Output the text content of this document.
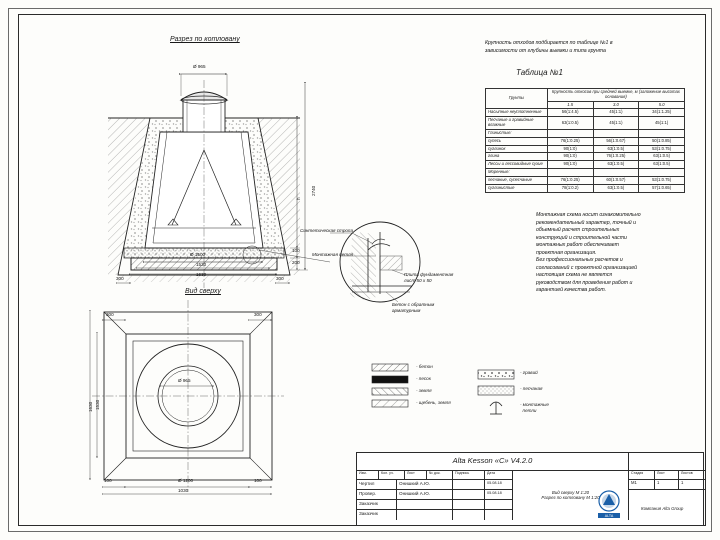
Разрез по котловану
Вид сверху
Ø 965
Ø 1500
1530
1630
300	300
100
200
h
2740
Синтетическая стропа
Монтажная петля
Плита фундаментная
лист 50 х 50
Бетон с обратным
арматурным
Ø 965
Ø 1200
1030
100	100
300	300
1530
1630
Крупность отходов подбирается по таблице №1 в
зависимости от глубины выемки и типа грунта
Таблица №1
Грунты	Крупность откосов при средней выемке, м (заложение высотах основания)		
	1.5	3.0	5.0
Насыпные неуплотненные	56(1:4.5)	45(1:1)	34(1:1.25)
Песчаные и гравийные влажные	63(1:0.5)	45(1:1)	45(1:1)
Глинистые:			
супесь	76(1:0.25)	56(1:0.67)	50(1:0.85)
суглинок	90(1:0)	63(1:0.5)	53(1:0.75)
глина	90(1:0)	76(1:0.25)	63(1:0.5)
Лессы и лессовидные сухие	90(1:0)	63(1:0.5)	63(1:0.5)
Моренные:			
песчаные, супесчаные	76(1:0.25)	60(1:0.57)	53(1:0.75)
суглинистые	78(1:0.2)	63(1:0.5)	57(1:0.65)
Монтажная схема носит ознакомительно
рекомендательный характер, точный и
объемный расчет строительных
конструкций и строительной части
монтажных работ обеспечивает
проектная организация.
Без профессиональных расчетов и
согласований с проектной организацией
настоящая схема не является
руководством для проведения работ и
гарантией качества работ.
- бетон
- песок
- земля
- щебень, земля
- гравий
- песчаная
- монтажные
петли
Alta Kesson «С» V4.2.0
Изм.	Кол. уч.	Лист	№ док.	Подпись	Дата
Чертил	Онишкий А.Ю.	05.08.18
Провер.	Онишкий А.Ю.	05.08.18
Заказчик
Заказчик
Вид сверху М 1:20
Разрез по котловану М 1:20
Стадия	Лист	Листов
М1	1	1
Компания Alta Group
ALTA
